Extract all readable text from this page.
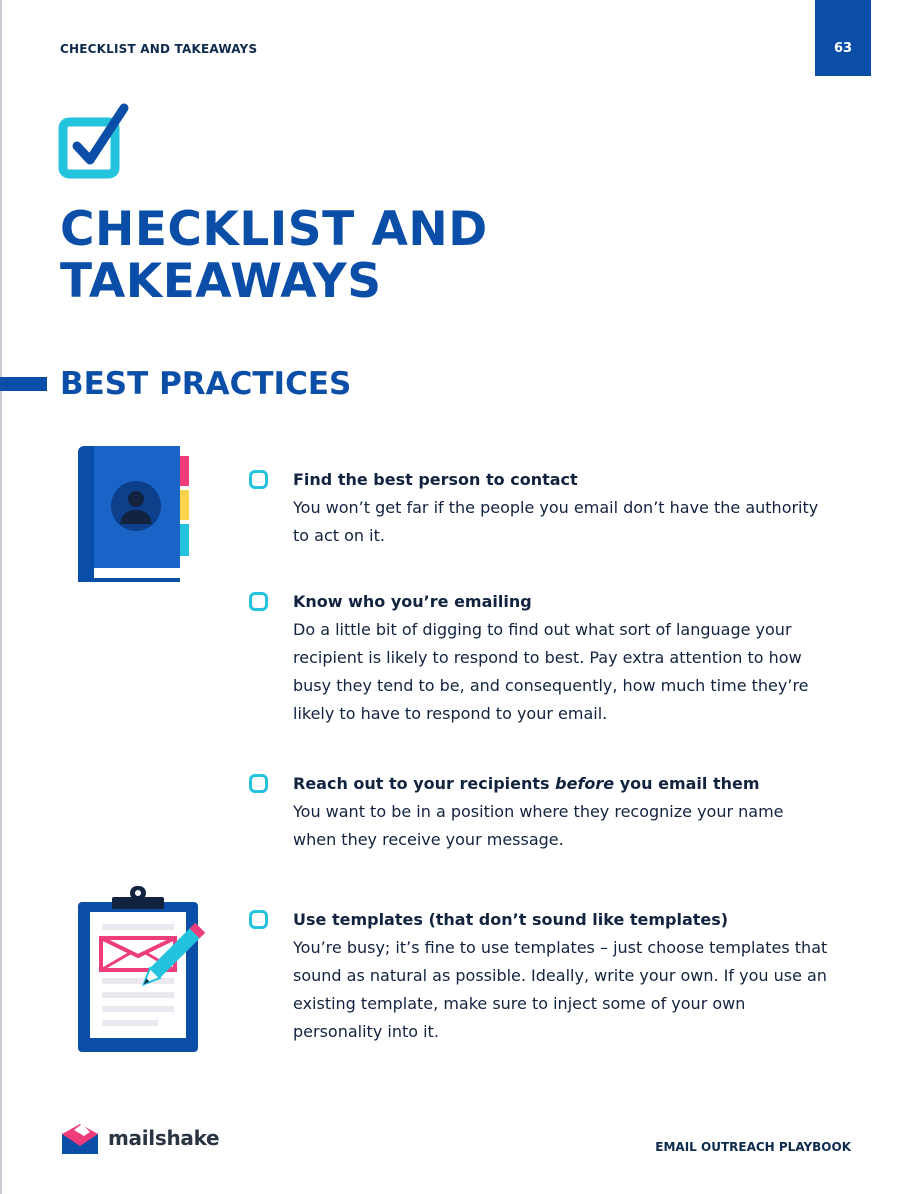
CHECKLIST AND TAKEAWAYS	63
CHECKLIST AND
TAKEAWAYS
BEST PRACTICES

Find the best person to contact

You won’t get far if the people you email don’t have the authority to act on it.

Know who you’re emailing

Do a little bit of digging to find out what sort of language your recipient is likely to respond to best. Pay extra attention to how busy they tend to be, and consequently, how much time they’re likely to have to respond to your email.

Reach out to your recipients before you email them

You want to be in a position where they recognize your name when they receive your message.

Use templates (that don’t sound like templates)

You’re busy; it’s fine to use templates – just choose templates that sound as natural as possible. Ideally, write your own. If you use an existing template, make sure to inject some of your own personality into it.

mailshake	EMAIL OUTREACH PLAYBOOK
